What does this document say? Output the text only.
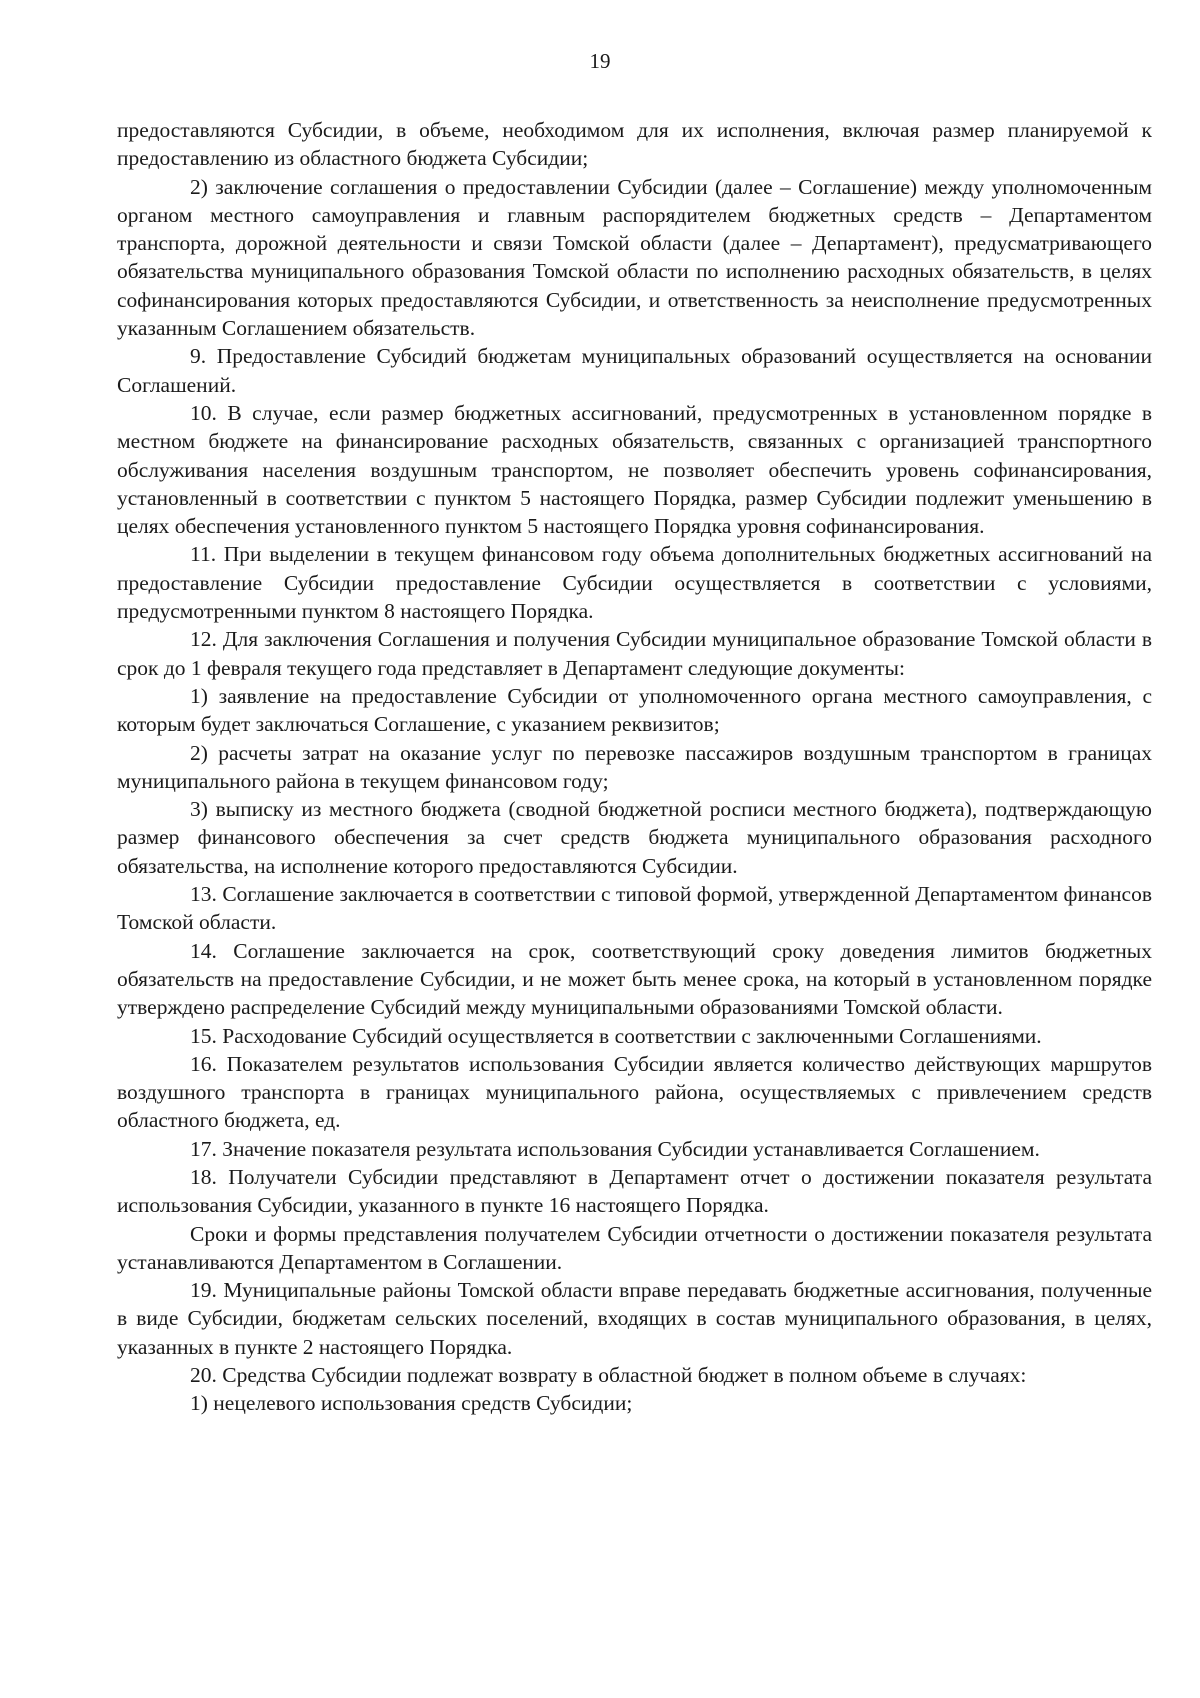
19

предоставляются Субсидии, в объеме, необходимом для их исполнения, включая размер планируемой к предоставлению из областного бюджета Субсидии;

2) заключение соглашения о предоставлении Субсидии (далее – Соглашение) между уполномоченным органом местного самоуправления и главным распорядителем бюджетных средств – Департаментом транспорта, дорожной деятельности и связи Томской области (далее – Департамент), предусматривающего обязательства муниципального образования Томской области по исполнению расходных обязательств, в целях софинансирования которых предоставляются Субсидии, и ответственность за неисполнение предусмотренных указанным Соглашением обязательств.

9. Предоставление Субсидий бюджетам муниципальных образований осуществляется на основании Соглашений.

10. В случае, если размер бюджетных ассигнований, предусмотренных в установленном порядке в местном бюджете на финансирование расходных обязательств, связанных с организацией транспортного обслуживания населения воздушным транспортом, не позволяет обеспечить уровень софинансирования, установленный в соответствии с пунктом 5 настоящего Порядка, размер Субсидии подлежит уменьшению в целях обеспечения установленного пунктом 5 настоящего Порядка уровня софинансирования.

11. При выделении в текущем финансовом году объема дополнительных бюджетных ассигнований на предоставление Субсидии предоставление Субсидии осуществляется в соответствии с условиями, предусмотренными пунктом 8 настоящего Порядка.

12. Для заключения Соглашения и получения Субсидии муниципальное образование Томской области в срок до 1 февраля текущего года представляет в Департамент следующие документы:

1) заявление на предоставление Субсидии от уполномоченного органа местного самоуправления, с которым будет заключаться Соглашение, с указанием реквизитов;

2) расчеты затрат на оказание услуг по перевозке пассажиров воздушным транспортом в границах муниципального района в текущем финансовом году;

3) выписку из местного бюджета (сводной бюджетной росписи местного бюджета), подтверждающую размер финансового обеспечения за счет средств бюджета муниципального образования расходного обязательства, на исполнение которого предоставляются Субсидии.

13. Соглашение заключается в соответствии с типовой формой, утвержденной Департаментом финансов Томской области.

14. Соглашение заключается на срок, соответствующий сроку доведения лимитов бюджетных обязательств на предоставление Субсидии, и не может быть менее срока, на который в установленном порядке утверждено распределение Субсидий между муниципальными образованиями Томской области.

15. Расходование Субсидий осуществляется в соответствии с заключенными Соглашениями.

16. Показателем результатов использования Субсидии является количество действующих маршрутов воздушного транспорта в границах муниципального района, осуществляемых с привлечением средств областного бюджета, ед.

17. Значение показателя результата использования Субсидии устанавливается Соглашением.

18. Получатели Субсидии представляют в Департамент отчет о достижении показателя результата использования Субсидии, указанного в пункте 16 настоящего Порядка.

Сроки и формы представления получателем Субсидии отчетности о достижении показателя результата устанавливаются Департаментом в Соглашении.

19. Муниципальные районы Томской области вправе передавать бюджетные ассигнования, полученные в виде Субсидии, бюджетам сельских поселений, входящих в состав муниципального образования, в целях, указанных в пункте 2 настоящего Порядка.

20. Средства Субсидии подлежат возврату в областной бюджет в полном объеме в случаях:

1) нецелевого использования средств Субсидии;
